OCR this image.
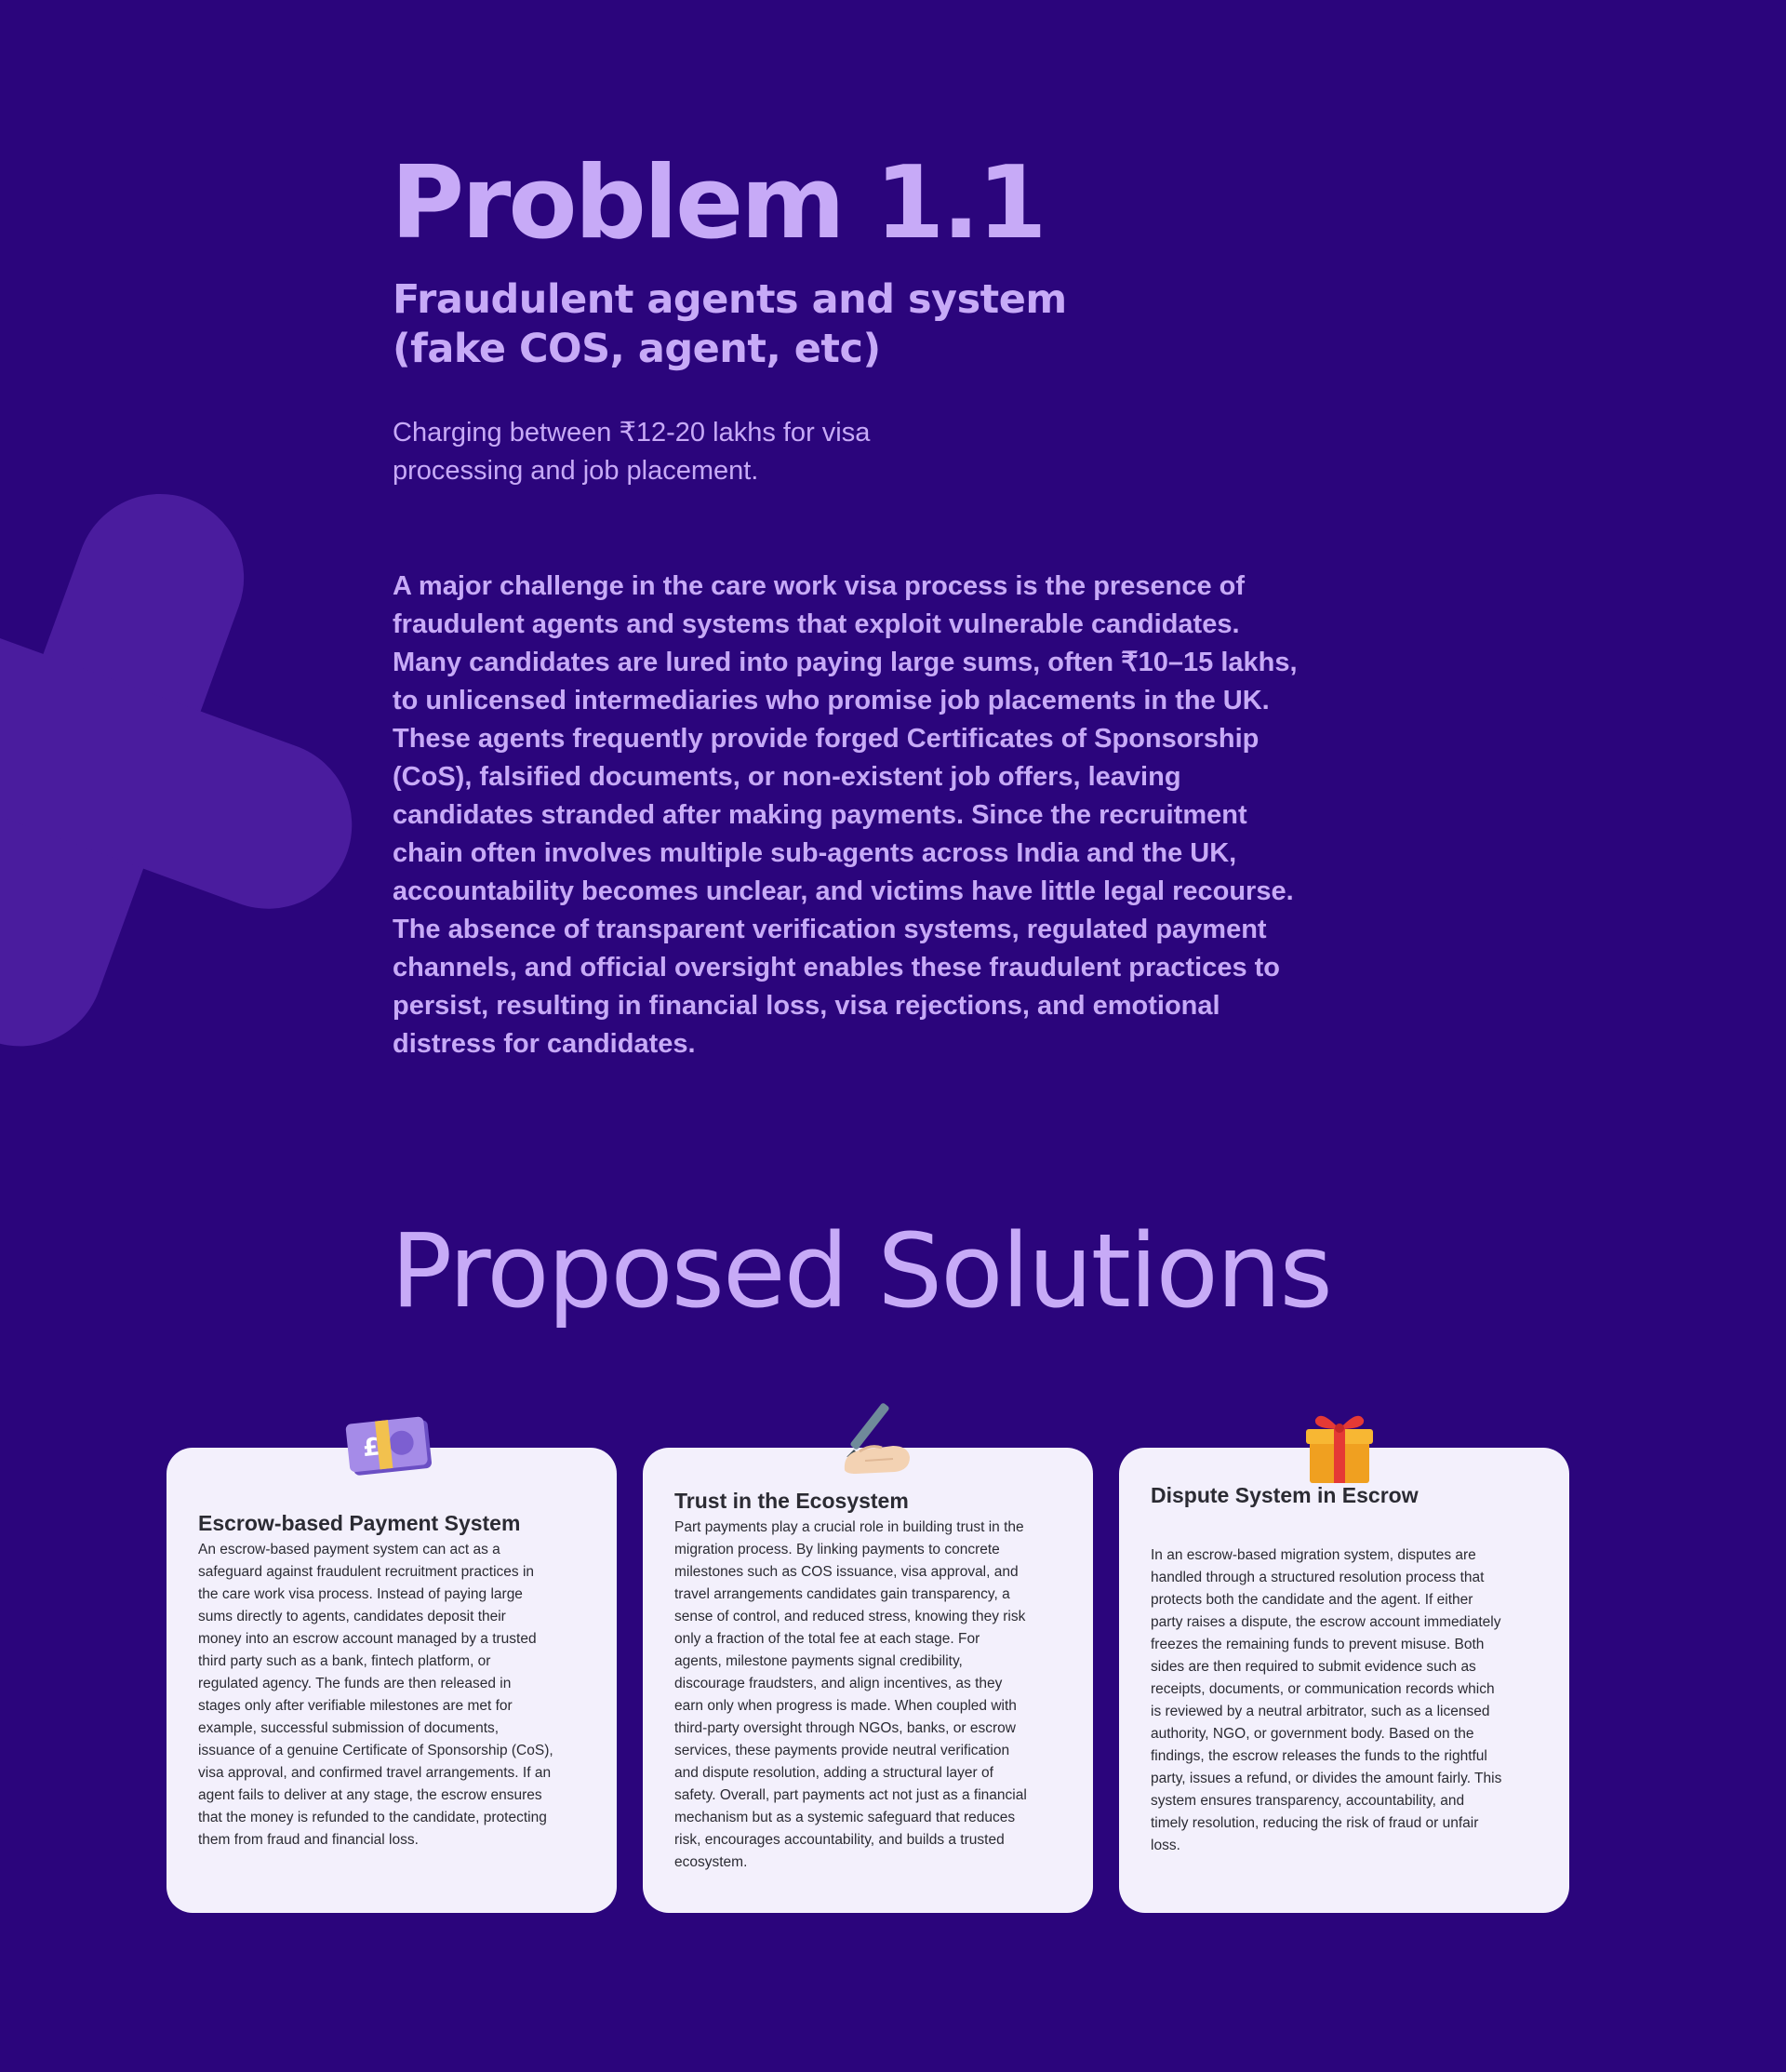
Problem 1.1
Fraudulent agents and system
(fake COS, agent, etc)

Charging between ₹12-20 lakhs for visa
processing and job placement.

A major challenge in the care work visa process is the presence of
fraudulent agents and systems that exploit vulnerable candidates.
Many candidates are lured into paying large sums, often ₹10–15 lakhs,
to unlicensed intermediaries who promise job placements in the UK.
These agents frequently provide forged Certificates of Sponsorship
(CoS), falsified documents, or non-existent job offers, leaving
candidates stranded after making payments. Since the recruitment
chain often involves multiple sub-agents across India and the UK,
accountability becomes unclear, and victims have little legal recourse.
The absence of transparent verification systems, regulated payment
channels, and official oversight enables these fraudulent practices to
persist, resulting in financial loss, visa rejections, and emotional
distress for candidates.

Proposed Solutions
Escrow-based Payment System

An escrow-based payment system can act as a
safeguard against fraudulent recruitment practices in
the care work visa process. Instead of paying large
sums directly to agents, candidates deposit their
money into an escrow account managed by a trusted
third party such as a bank, fintech platform, or
regulated agency. The funds are then released in
stages only after verifiable milestones are met for
example, successful submission of documents,
issuance of a genuine Certificate of Sponsorship (CoS),
visa approval, and confirmed travel arrangements. If an
agent fails to deliver at any stage, the escrow ensures
that the money is refunded to the candidate, protecting
them from fraud and financial loss.

£
Trust in the Ecosystem

Part payments play a crucial role in building trust in the
migration process. By linking payments to concrete
milestones such as COS issuance, visa approval, and
travel arrangements candidates gain transparency, a
sense of control, and reduced stress, knowing they risk
only a fraction of the total fee at each stage. For
agents, milestone payments signal credibility,
discourage fraudsters, and align incentives, as they
earn only when progress is made. When coupled with
third-party oversight through NGOs, banks, or escrow
services, these payments provide neutral verification
and dispute resolution, adding a structural layer of
safety. Overall, part payments act not just as a financial
mechanism but as a systemic safeguard that reduces
risk, encourages accountability, and builds a trusted
ecosystem.

Dispute System in Escrow

In an escrow-based migration system, disputes are
handled through a structured resolution process that
protects both the candidate and the agent. If either
party raises a dispute, the escrow account immediately
freezes the remaining funds to prevent misuse. Both
sides are then required to submit evidence such as
receipts, documents, or communication records which
is reviewed by a neutral arbitrator, such as a licensed
authority, NGO, or government body. Based on the
findings, the escrow releases the funds to the rightful
party, issues a refund, or divides the amount fairly. This
system ensures transparency, accountability, and
timely resolution, reducing the risk of fraud or unfair
loss.
